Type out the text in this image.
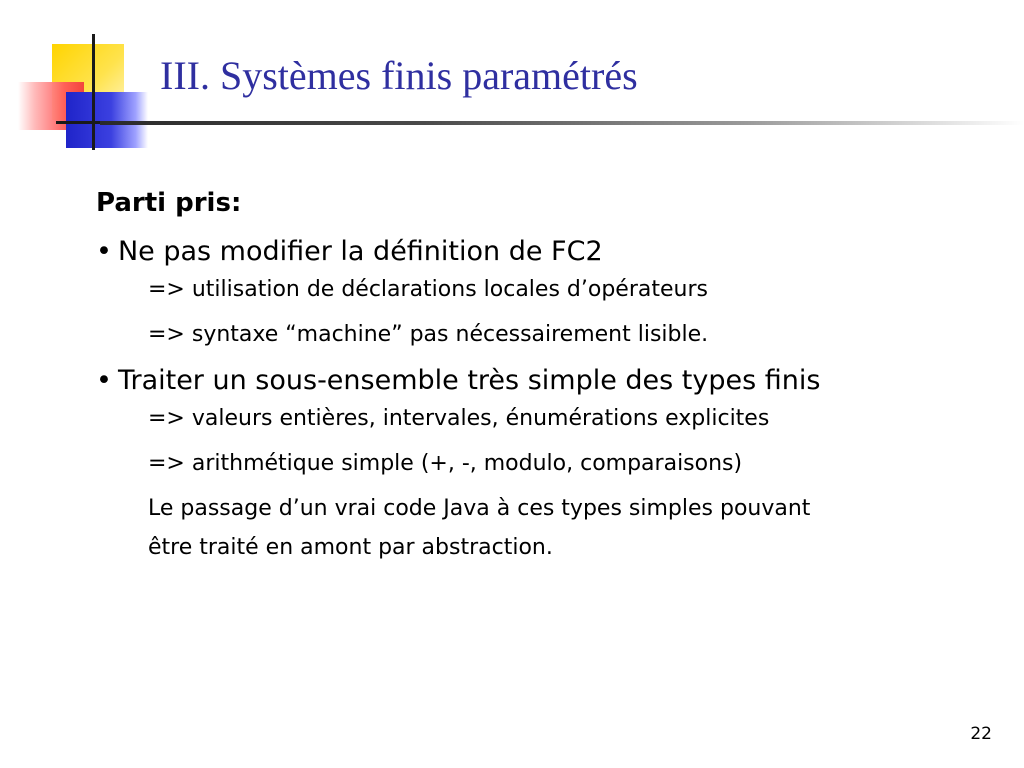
III. Systèmes finis paramétrés
Parti pris:
• Ne pas modifier la définition de FC2
=> utilisation de déclarations locales d’opérateurs
=> syntaxe “machine” pas nécessairement lisible.
• Traiter un sous-ensemble très simple des types finis
=> valeurs entières, intervales, énumérations explicites
=> arithmétique simple (+, -, modulo, comparaisons)
Le passage d’un vrai code Java à ces types simples pouvant
être traité en amont par abstraction.
22
